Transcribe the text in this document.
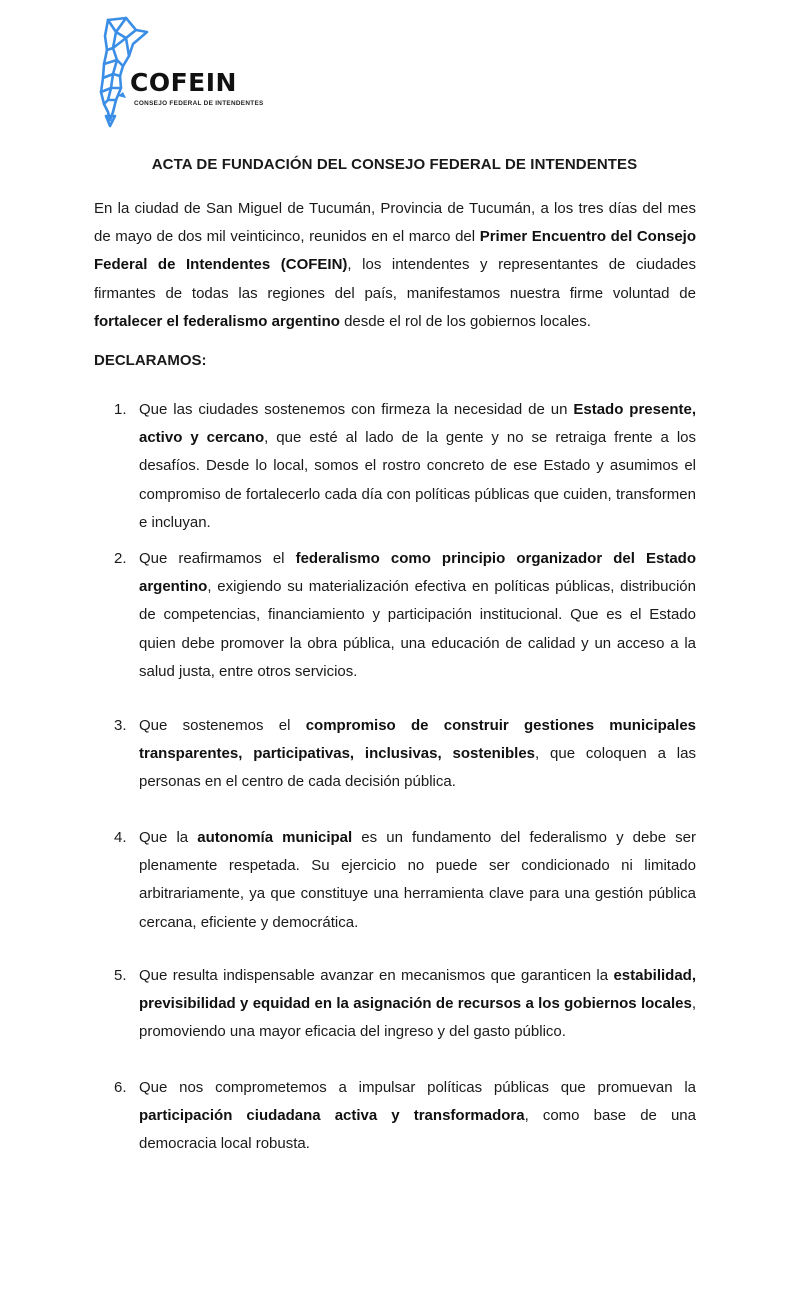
COFEIN
CONSEJO FEDERAL DE INTENDENTES
ACTA DE FUNDACIÓN DEL CONSEJO FEDERAL DE INTENDENTES

En la ciudad de San Miguel de Tucumán, Provincia de Tucumán, a los tres días del mes de mayo de dos mil veinticinco, reunidos en el marco del Primer Encuentro del Consejo Federal de Intendentes (COFEIN), los intendentes y representantes de ciudades firmantes de todas las regiones del país, manifestamos nuestra firme voluntad de fortalecer el federalismo argentino desde el rol de los gobiernos locales.

DECLARAMOS:
1. Que las ciudades sostenemos con firmeza la necesidad de un Estado presente, activo y cercano, que esté al lado de la gente y no se retraiga frente a los desafíos. Desde lo local, somos el rostro concreto de ese Estado y asumimos el compromiso de fortalecerlo cada día con políticas públicas que cuiden, transformen e incluyan.
2. Que reafirmamos el federalismo como principio organizador del Estado argentino, exigiendo su materialización efectiva en políticas públicas, distribución de competencias, financiamiento y participación institucional. Que es el Estado quien debe promover la obra pública, una educación de calidad y un acceso a la salud justa, entre otros servicios.
3. Que sostenemos el compromiso de construir gestiones municipales transparentes, participativas, inclusivas, sostenibles, que coloquen a las personas en el centro de cada decisión pública.
4. Que la autonomía municipal es un fundamento del federalismo y debe ser plenamente respetada. Su ejercicio no puede ser condicionado ni limitado arbitrariamente, ya que constituye una herramienta clave para una gestión pública cercana, eficiente y democrática.
5. Que resulta indispensable avanzar en mecanismos que garanticen la estabilidad, previsibilidad y equidad en la asignación de recursos a los gobiernos locales, promoviendo una mayor eficacia del ingreso y del gasto público.
6. Que nos comprometemos a impulsar políticas públicas que promuevan la participación ciudadana activa y transformadora, como base de una democracia local robusta.
